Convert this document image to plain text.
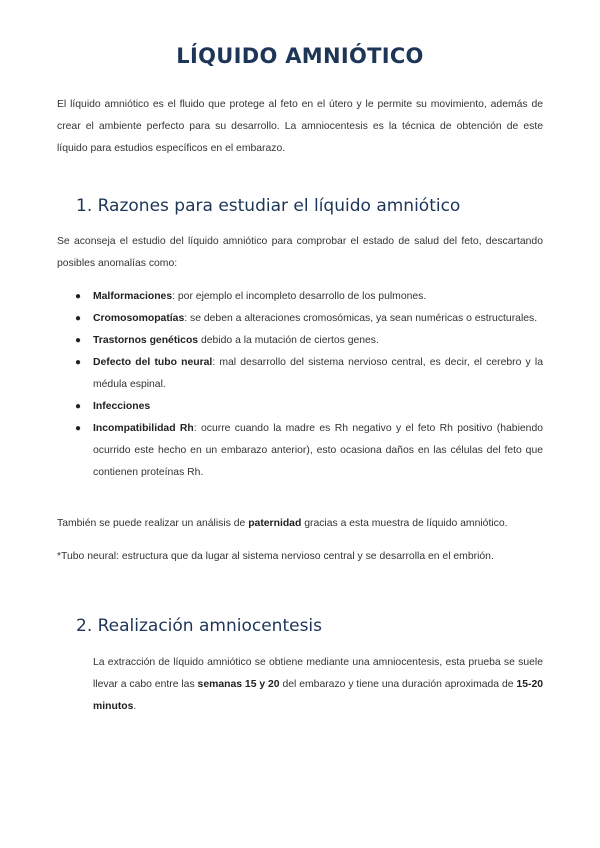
LÍQUIDO AMNIÓTICO

El líquido amniótico es el fluido que protege al feto en el útero y le permite su movimiento, además de crear el ambiente perfecto para su desarrollo. La amniocentesis es la técnica de obtención de este líquido para estudios específicos en el embarazo.

1. Razones para estudiar el líquido amniótico

Se aconseja el estudio del líquido amniótico para comprobar el estado de salud del feto, descartando posibles anomalías como:

● Malformaciones: por ejemplo el incompleto desarrollo de los pulmones.
● Cromosomopatías: se deben a alteraciones cromosómicas, ya sean numéricas o estructurales.
● Trastornos genéticos debido a la mutación de ciertos genes.
● Defecto del tubo neural: mal desarrollo del sistema nervioso central, es decir, el cerebro y la médula espinal.
● Infecciones
● Incompatibilidad Rh: ocurre cuando la madre es Rh negativo y el feto Rh positivo (habiendo ocurrido este hecho en un embarazo anterior), esto ocasiona daños en las células del feto que contienen proteínas Rh.

También se puede realizar un análisis de paternidad gracias a esta muestra de líquido amniótico.

*Tubo neural: estructura que da lugar al sistema nervioso central y se desarrolla en el embrión.

2. Realización amniocentesis

La extracción de líquido amniótico se obtiene mediante una amniocentesis, esta prueba se suele llevar a cabo entre las semanas 15 y 20 del embarazo y tiene una duración aproximada de 15-20 minutos.
